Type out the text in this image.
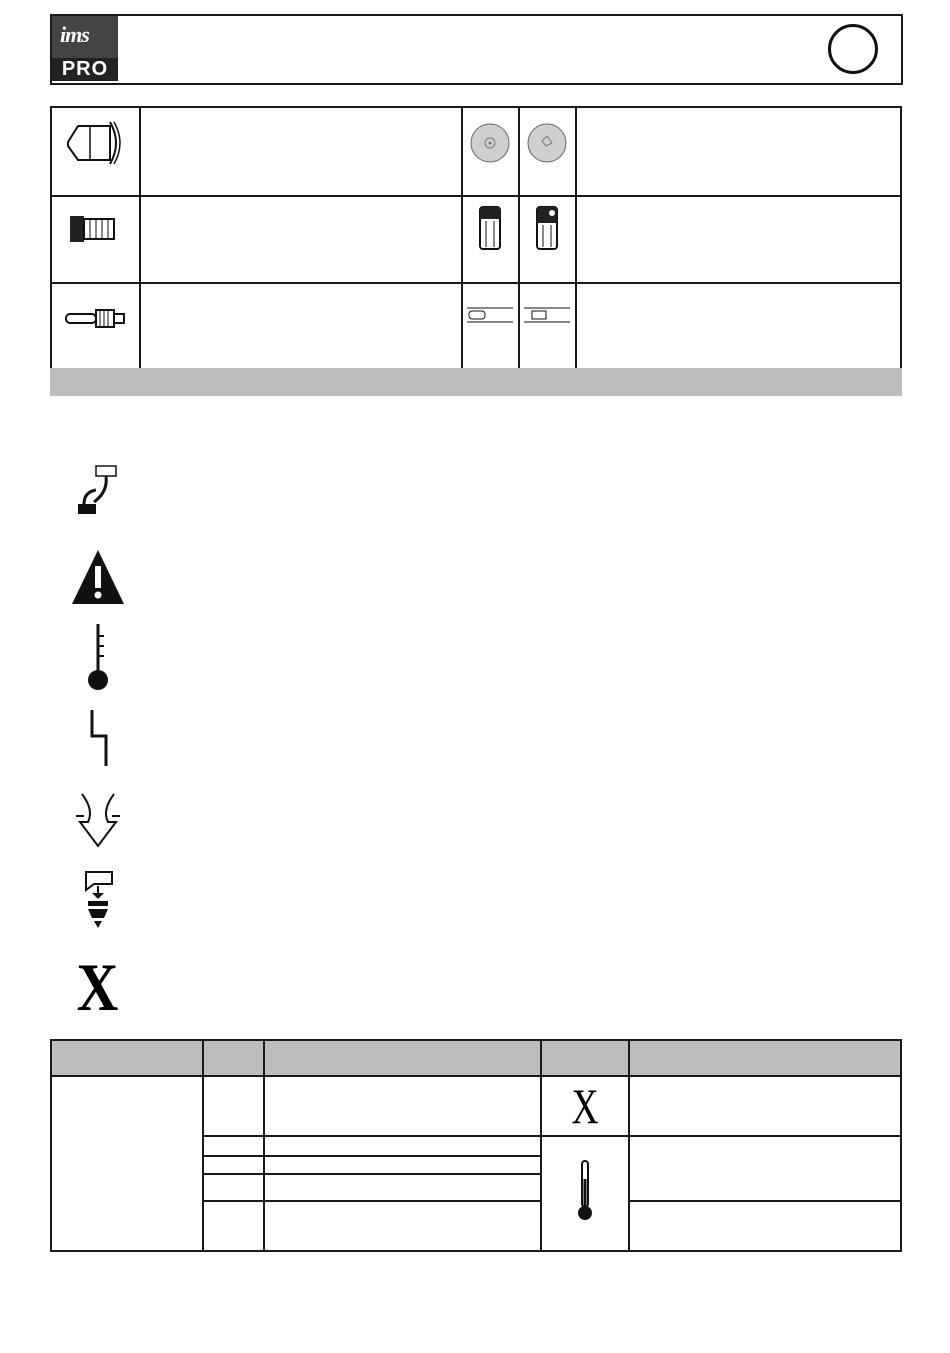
ims
PRO

X

			X	
